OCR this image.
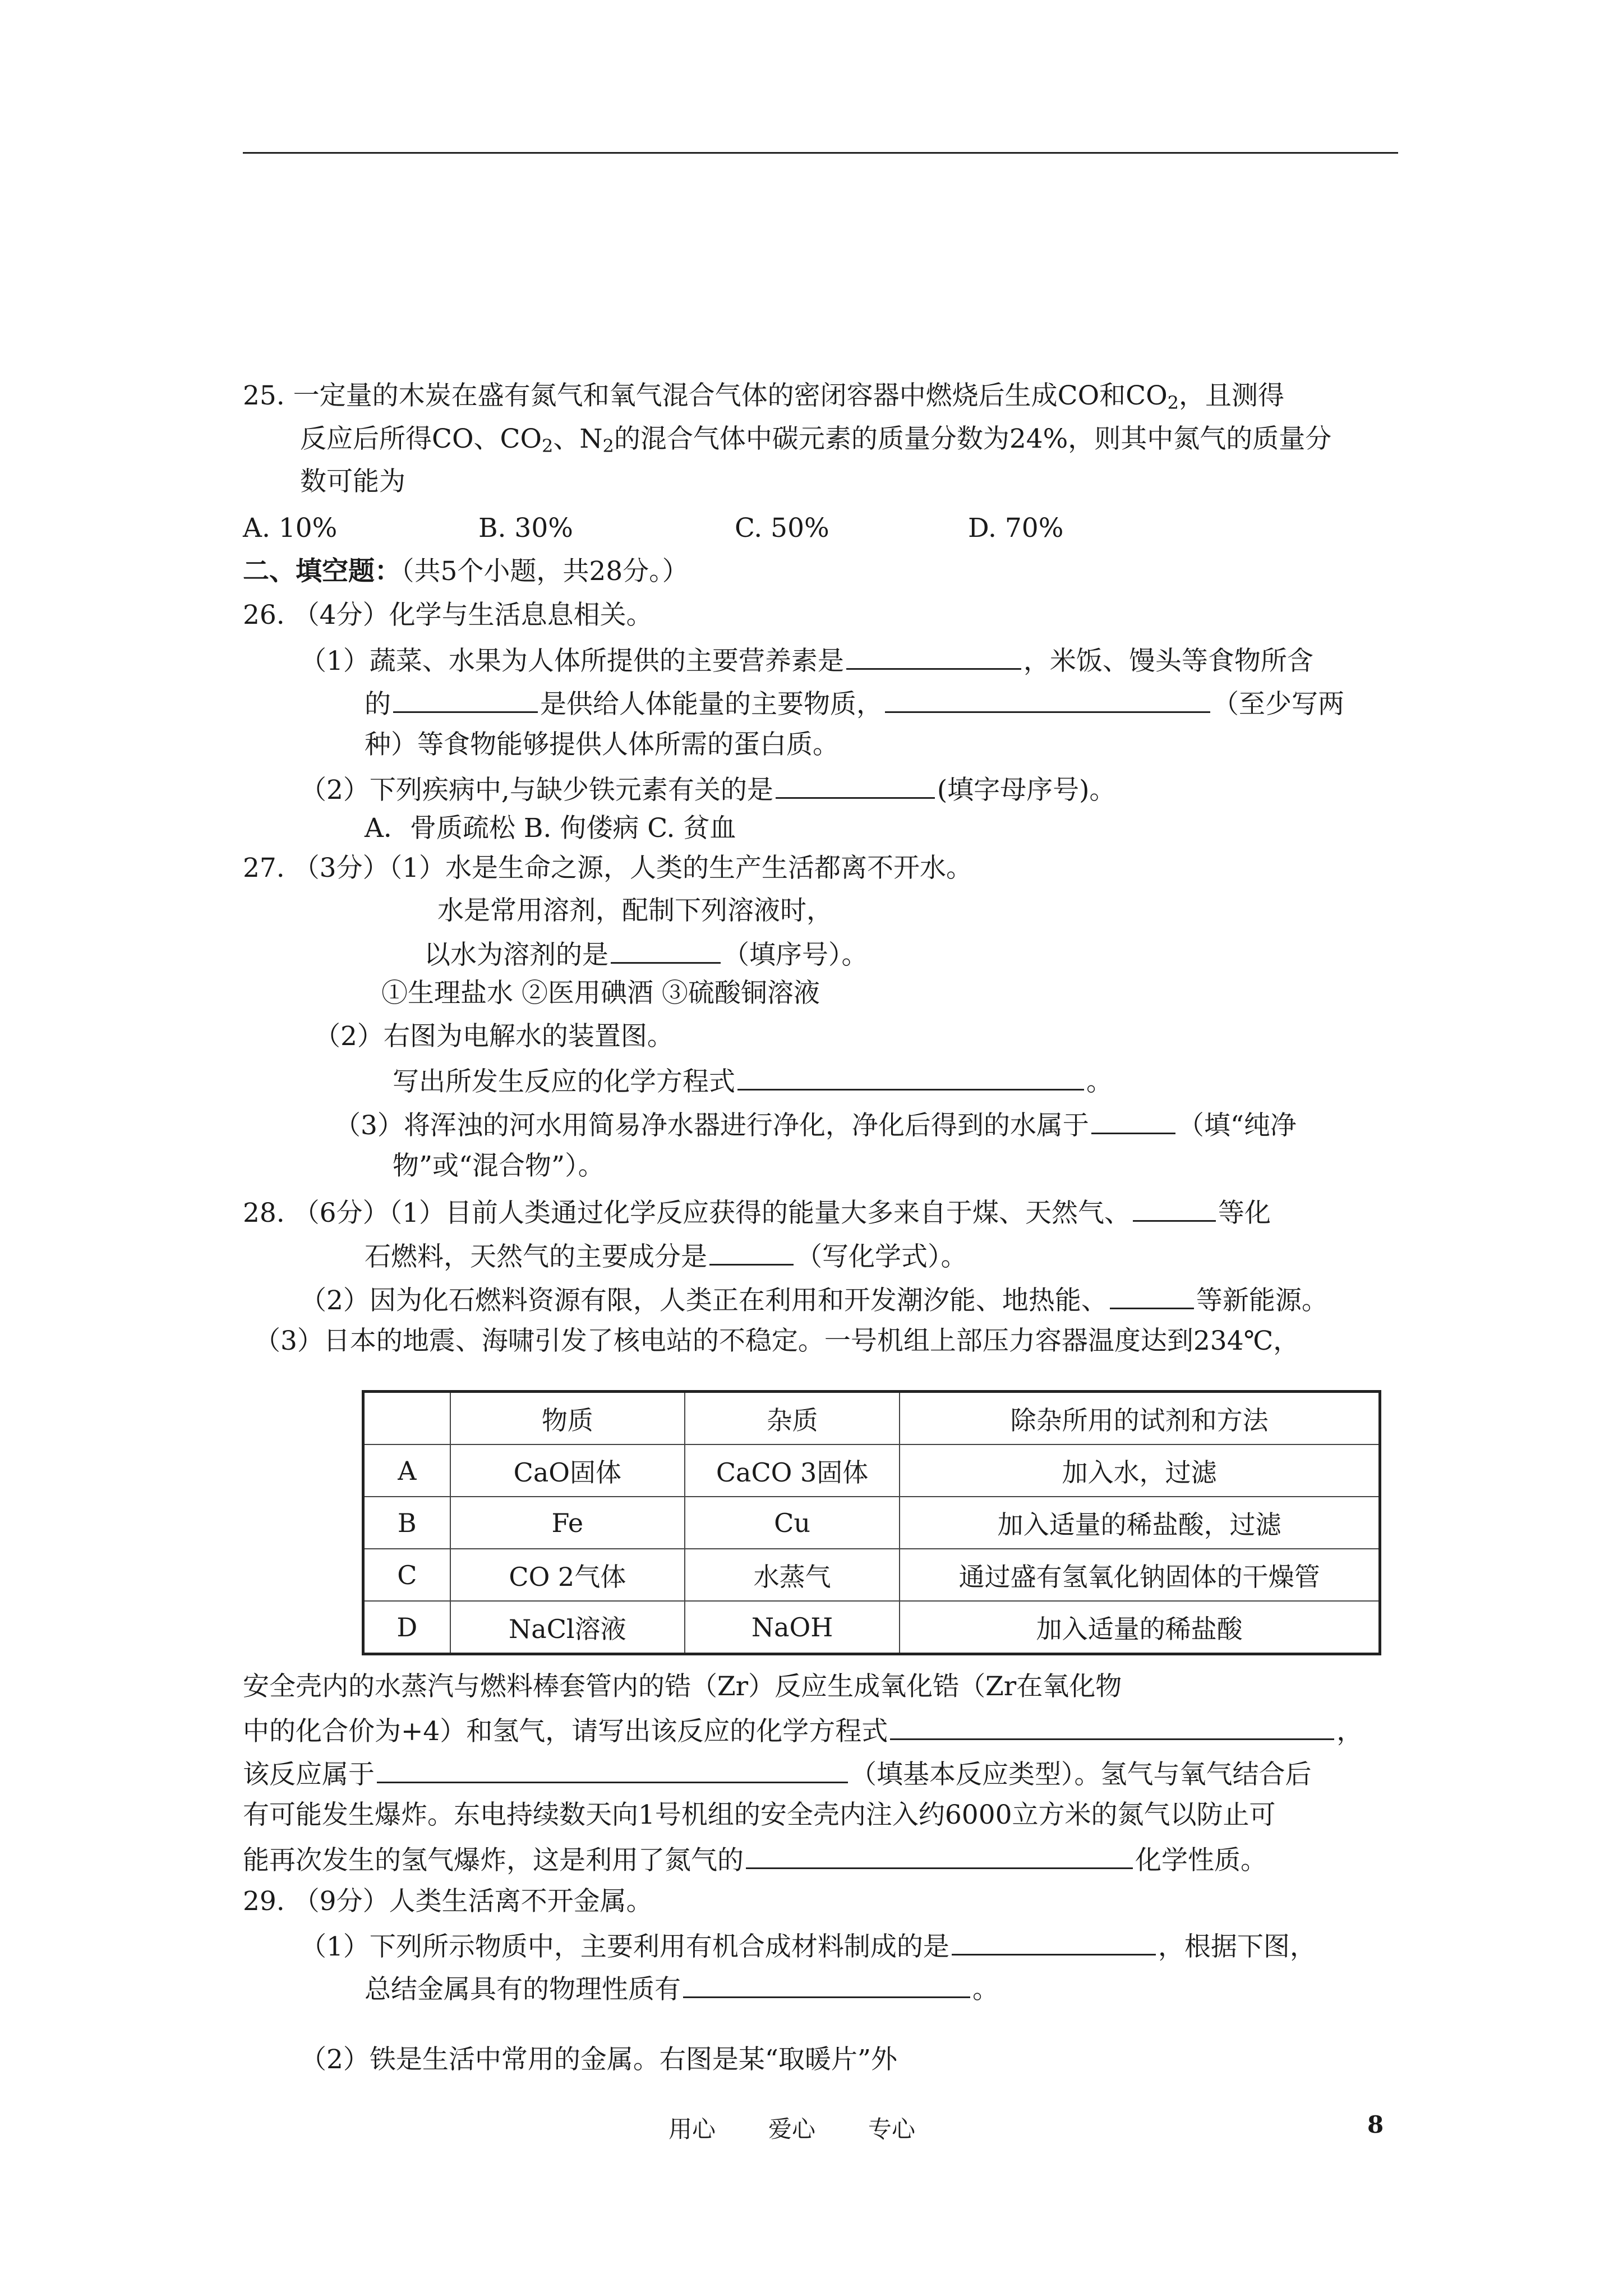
25. 一定量的木炭在盛有氮气和氧气混合气体的密闭容器中燃烧后生成CO和$CO_2$，且测得
反应后所得CO、$CO_2$、$N_2$的混合气体中碳元素的质量分数为24%，则其中氮气的质量分
数可能为
A. 10%	B. 30%	C. 50%	D. 70%
二、填空题：（共5个小题，共28分。）
26. （4分）化学与生活息息相关。
（1）蔬菜、水果为人体所提供的主要营养素是	，米饭、馒头等食物所含
的	是供给人体能量的主要物质，	（至少写两
种）等食物能够提供人体所需的蛋白质。
（2）下列疾病中,与缺少铁元素有关的是	(填字母序号)。
A．骨质疏松 B. 佝偻病 C. 贫血
27. （3分）（1）水是生命之源，人类的生产生活都离不开水。
水是常用溶剂，配制下列溶液时，
以水为溶剂的是	（填序号）。
①生理盐水 ②医用碘酒 ③硫酸铜溶液
（2）右图为电解水的装置图。
写出所发生反应的化学方程式	。
（3）将浑浊的河水用简易净水器进行净化，净化后得到的水属于	（填“纯净
物”或“混合物”）。
28. （6分）（1）目前人类通过化学反应获得的能量大多来自于煤、天然气、	等化
石燃料，天然气的主要成分是	（写化学式）。
（2）因为化石燃料资源有限，人类正在利用和开发潮汐能、地热能、	等新能源。
（3）日本的地震、海啸引发了核电站的不稳定。一号机组上部压力容器温度达到234℃，
	物质	杂质	除杂所用的试剂和方法
A	CaO固体	CaCO 3固体	加入水，过滤
B	Fe	Cu	加入适量的稀盐酸，过滤
C	CO 2气体	水蒸气	通过盛有氢氧化钠固体的干燥管
D	NaCl溶液	NaOH	加入适量的稀盐酸
安全壳内的水蒸汽与燃料棒套管内的锆（Zr）反应生成氧化锆（Zr在氧化物
中的化合价为+4）和氢气，请写出该反应的化学方程式	，
该反应属于	（填基本反应类型）。氢气与氧气结合后
有可能发生爆炸。东电持续数天向1号机组的安全壳内注入约6000立方米的氮气以防止可
能再次发生的氢气爆炸，这是利用了氮气的	化学性质。
29. （9分）人类生活离不开金属。
（1）下列所示物质中，主要利用有机合成材料制成的是	，根据下图，
总结金属具有的物理性质有	。
（2）铁是生活中常用的金属。右图是某“取暖片”外
用心 爱心 专心	8
